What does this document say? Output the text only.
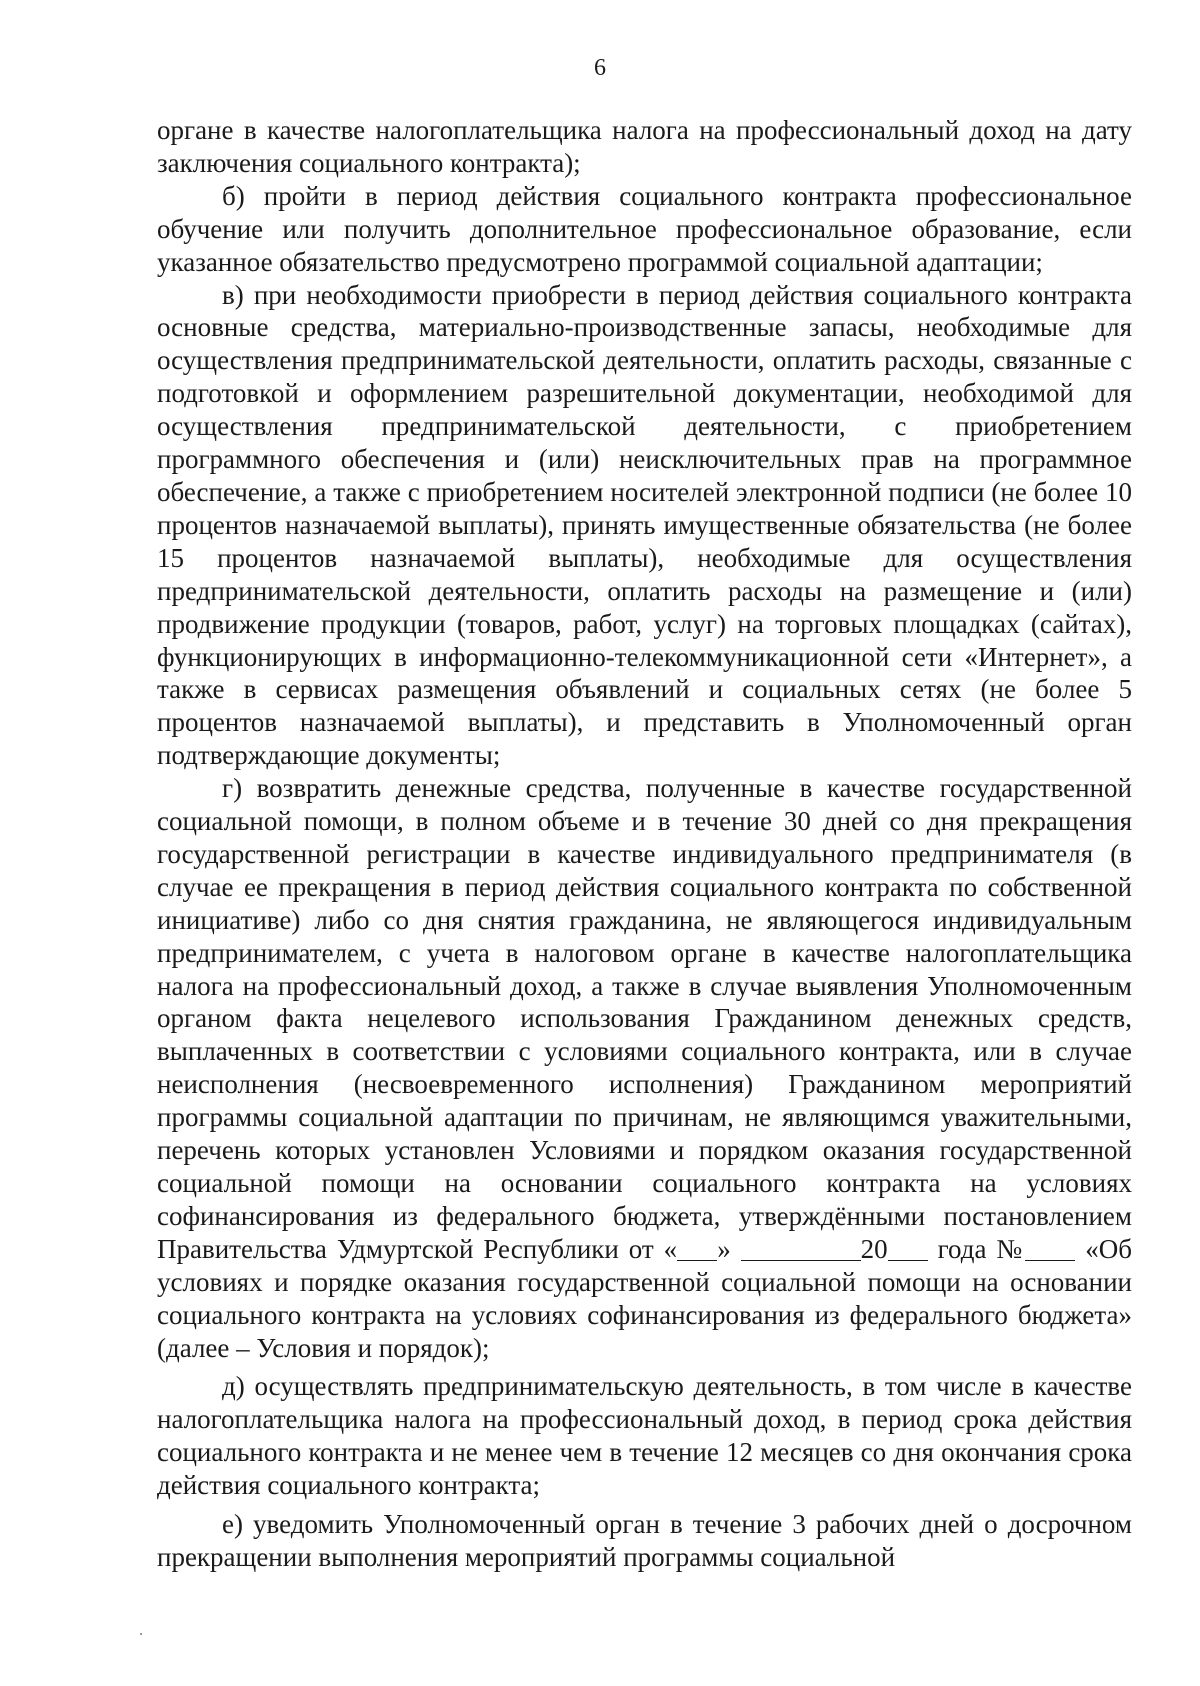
6

органе в качестве налогоплательщика налога на профессиональный доход на дату заключения социального контракта);

б) пройти в период действия социального контракта профессиональное обучение или получить дополнительное профессиональное образование, если указанное обязательство предусмотрено программой социальной адаптации;

в) при необходимости приобрести в период действия социального контракта основные средства, материально-производственные запасы, необходимые для осуществления предпринимательской деятельности, оплатить расходы, связанные с подготовкой и оформлением разрешительной документации, необходимой для осуществления предпринимательской деятельности, с приобретением программного обеспечения и (или) неисключительных прав на программное обеспечение, а также с приобретением носителей электронной подписи (не более 10 процентов назначаемой выплаты), принять имущественные обязательства (не более 15 процентов назначаемой выплаты), необходимые для осуществления предпринимательской деятельности, оплатить расходы на размещение и (или) продвижение продукции (товаров, работ, услуг) на торговых площадках (сайтах), функционирующих в информационно-телекоммуникационной сети «Интернет», а также в сервисах размещения объявлений и социальных сетях (не более 5 процентов назначаемой выплаты), и представить в Уполномоченный орган подтверждающие документы;

г) возвратить денежные средства, полученные в качестве государственной социальной помощи, в полном объеме и в течение 30 дней со дня прекращения государственной регистрации в качестве индивидуального предпринимателя (в случае ее прекращения в период действия социального контракта по собственной инициативе) либо со дня снятия гражданина, не являющегося индивидуальным предпринимателем, с учета в налоговом органе в качестве налогоплательщика налога на профессиональный доход, а также в случае выявления Уполномоченным органом факта нецелевого использования Гражданином денежных средств, выплаченных в соответствии с условиями социального контракта, или в случае неисполнения (несвоевременного исполнения) Гражданином мероприятий программы социальной адаптации по причинам, не являющимся уважительными, перечень которых установлен Условиями и порядком оказания государственной социальной помощи на основании социального контракта на условиях софинансирования из федерального бюджета, утверждёнными постановлением Правительства Удмуртской Республики от « »	20 года № «Об условиях и порядке оказания государственной социальной помощи на основании социального контракта на условиях софинансирования из федерального бюджета» (далее – Условия и порядок);

д) осуществлять предпринимательскую деятельность, в том числе в качестве налогоплательщика налога на профессиональный доход, в период срока действия социального контракта и не менее чем в течение 12 месяцев со дня окончания срока действия социального контракта;

е) уведомить Уполномоченный орган в течение 3 рабочих дней о досрочном прекращении выполнения мероприятий программы социальной
